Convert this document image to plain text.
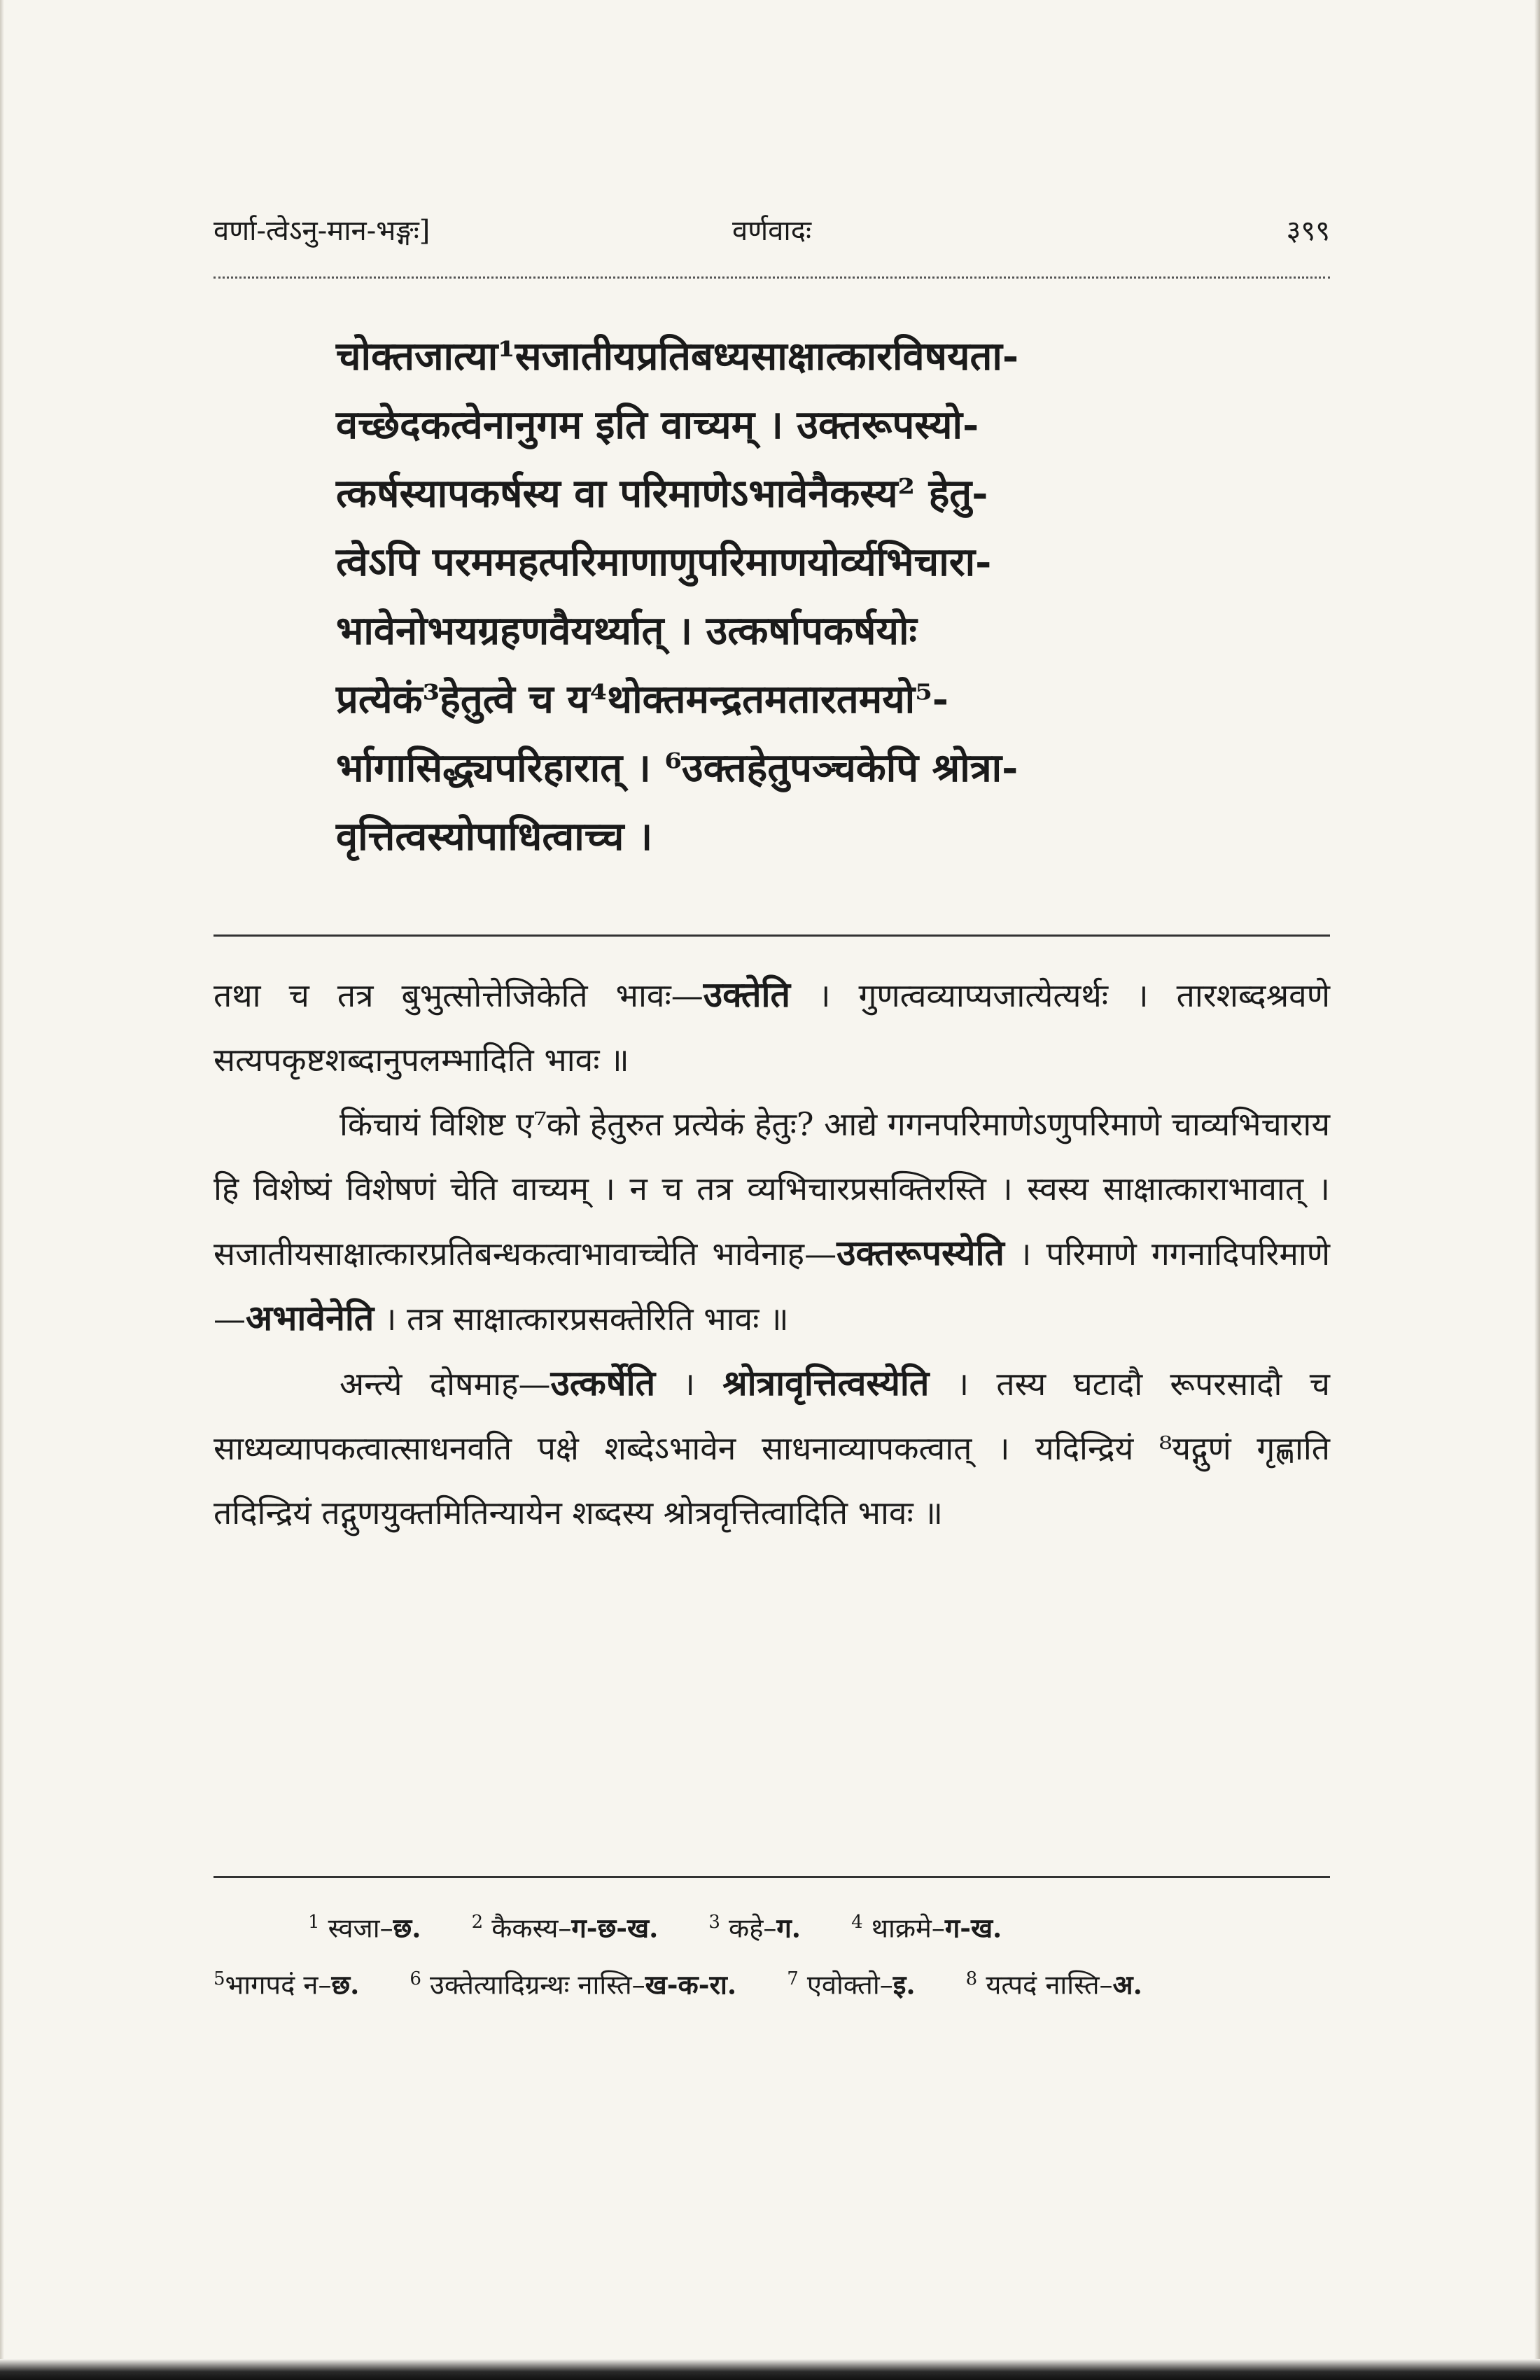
वर्णा-त्वेऽनु-मान-भङ्गः]	वर्णवादः	३९९
चोक्तजात्या¹सजातीयप्रतिबध्यसाक्षात्कारविषयता-
वच्छेदकत्वेनानुगम इति वाच्यम् । उक्तरूपस्यो-
त्कर्षस्यापकर्षस्य वा परिमाणेऽभावेनैकस्य² हेतु-
त्वेऽपि परममहत्परिमाणाणुपरिमाणयोर्व्यभिचारा-
भावेनोभयग्रहणवैयर्थ्यात् । उत्कर्षापकर्षयोः
प्रत्येकं³हेतुत्वे च य⁴थोक्तमन्द्रतमतारतमयो⁵-
र्भागासिद्ध्यपरिहारात् । ⁶उक्तहेतुपञ्चकेपि श्रोत्रा-
वृत्तित्वस्योपाधित्वाच्च ।

तथा च तत्र बुभुत्सोत्तेजिकेति भावः—उक्तेति । गुणत्वव्याप्यजात्येत्यर्थः । तारशब्दश्रवणे सत्यपकृष्टशब्दानुपलम्भादिति भावः ॥

किंचायं विशिष्ट ए⁷को हेतुरुत प्रत्येकं हेतुः? आद्ये गगनपरिमाणेऽणुपरिमाणे चाव्यभिचाराय हि विशेष्यं विशेषणं चेति वाच्यम् । न च तत्र व्यभिचारप्रसक्तिरस्ति । स्वस्य साक्षात्काराभावात् । सजातीयसाक्षात्कारप्रतिबन्धकत्वाभावाच्चेति भावेनाह—उक्तरूपस्येति । परिमाणे गगनादिपरिमाणे—अभावेनेति । तत्र साक्षात्कारप्रसक्तेरिति भावः ॥

अन्त्ये दोषमाह—उत्कर्षेति । श्रोत्रावृत्तित्वस्येति । तस्य घटादौ रूपरसादौ च साध्यव्यापकत्वात्साधनवति पक्षे शब्देऽभावेन साधनाव्यापकत्वात् । यदिन्द्रियं ⁸यद्गुणं गृह्णाति तदिन्द्रियं तद्गुणयुक्तमितिन्यायेन शब्दस्य श्रोत्रवृत्तित्वादिति भावः ॥

$^1$ स्वजा–छ.	$^2$ कैकस्य–ग-छ-ख.	$^3$ कहे–ग.	$^4$ थाक्रमे–ग-ख.

$^5$भागपदं न–छ.	$^6$ उक्तेत्यादिग्रन्थः नास्ति–ख-क-रा.	$^7$ एवोक्तो–इ.	$^8$ यत्पदं नास्ति–अ.
